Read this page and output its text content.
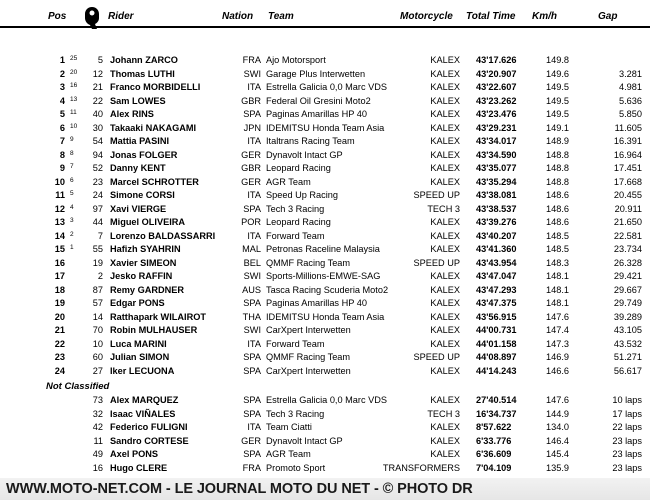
Pos	Rider	Nation Team	Motorcycle Total Time Km/h	Gap
1 25 5 Johann ZARCO	FRA Ajo Motorsport	KALEX 43'17.626	149.8
2 20 12 Thomas LUTHI	SWI Garage Plus Interwetten	KALEX 43'20.907	149.6	3.281
3 16 21 Franco MORBIDELLI	ITA Estrella Galicia 0,0 Marc VDS	KALEX 43'22.607	149.5	4.981
4 13 22 Sam LOWES	GBR Federal Oil Gresini Moto2	KALEX 43'23.262	149.5	5.636
5 11 40 Alex RINS	SPA Paginas Amarillas HP 40	KALEX 43'23.476	149.5	5.850
6 10 30 Takaaki NAKAGAMI	JPN IDEMITSU Honda Team Asia	KALEX 43'29.231	149.1	11.605
7 9 54 Mattia PASINI	ITA Italtrans Racing Team	KALEX 43'34.017	148.9	16.391
8 8 94 Jonas FOLGER	GER Dynavolt Intact GP	KALEX 43'34.590	148.8	16.964
9 7 52 Danny KENT	GBR Leopard Racing	KALEX 43'35.077	148.8	17.451
10 6 23 Marcel SCHROTTER	GER AGR Team	KALEX 43'35.294	148.8	17.668
11 5 24 Simone CORSI	ITA Speed Up Racing	SPEED UP 43'38.081	148.6	20.455
12 4 97 Xavi VIERGE	SPA Tech 3 Racing	TECH 3 43'38.537	148.6	20.911
13 3 44 Miguel OLIVEIRA	POR Leopard Racing	KALEX 43'39.276	148.6	21.650
14 2	7 Lorenzo BALDASSARRI	ITA Forward Team	KALEX 43'40.207	148.5	22.581
15 1 55 Hafizh SYAHRIN	MAL Petronas Raceline Malaysia	KALEX 43'41.360	148.5	23.734
16	19 Xavier SIMEON	BEL QMMF Racing Team	SPEED UP 43'43.954	148.3	26.328
17	2 Jesko RAFFIN	SWI Sports-Millions-EMWE-SAG	KALEX 43'47.047	148.1	29.421
18	87 Remy GARDNER	AUS Tasca Racing Scuderia Moto2	KALEX 43'47.293	148.1	29.667
19	57 Edgar PONS	SPA Paginas Amarillas HP 40	KALEX 43'47.375	148.1	29.749
20	14 Ratthapark WILAIROT	THA IDEMITSU Honda Team Asia	KALEX 43'56.915	147.6	39.289
21	70 Robin MULHAUSER	SWI CarXpert Interwetten	KALEX 44'00.731	147.4	43.105
22	10 Luca MARINI	ITA Forward Team	KALEX 44'01.158	147.3	43.532
23	60 Julian SIMON	SPA QMMF Racing Team	SPEED UP 44'08.897	146.9	51.271
24	27 Iker LECUONA	SPA CarXpert Interwetten	KALEX 44'14.243	146.6	56.617
Not Classified
73 Alex MARQUEZ	SPA Estrella Galicia 0,0 Marc VDS	KALEX 27'40.514	147.6	10 laps
32 Isaac VIÑALES	SPA Tech 3 Racing	TECH 3 16'34.737	144.9	17 laps
42 Federico FULIGNI	ITA Team Ciatti	KALEX 8'57.622	134.0	22 laps
11 Sandro CORTESE	GER Dynavolt Intact GP	KALEX 6'33.776	146.4	23 laps
49 Axel PONS	SPA AGR Team	KALEX 6'36.609	145.4	23 laps
16 Hugo CLERE	FRA Promoto Sport	TRANSFORMERS 7'04.109	135.9	23 laps
WWW.MOTO-NET.COM - LE JOURNAL MOTO DU NET - © PHOTO DR
